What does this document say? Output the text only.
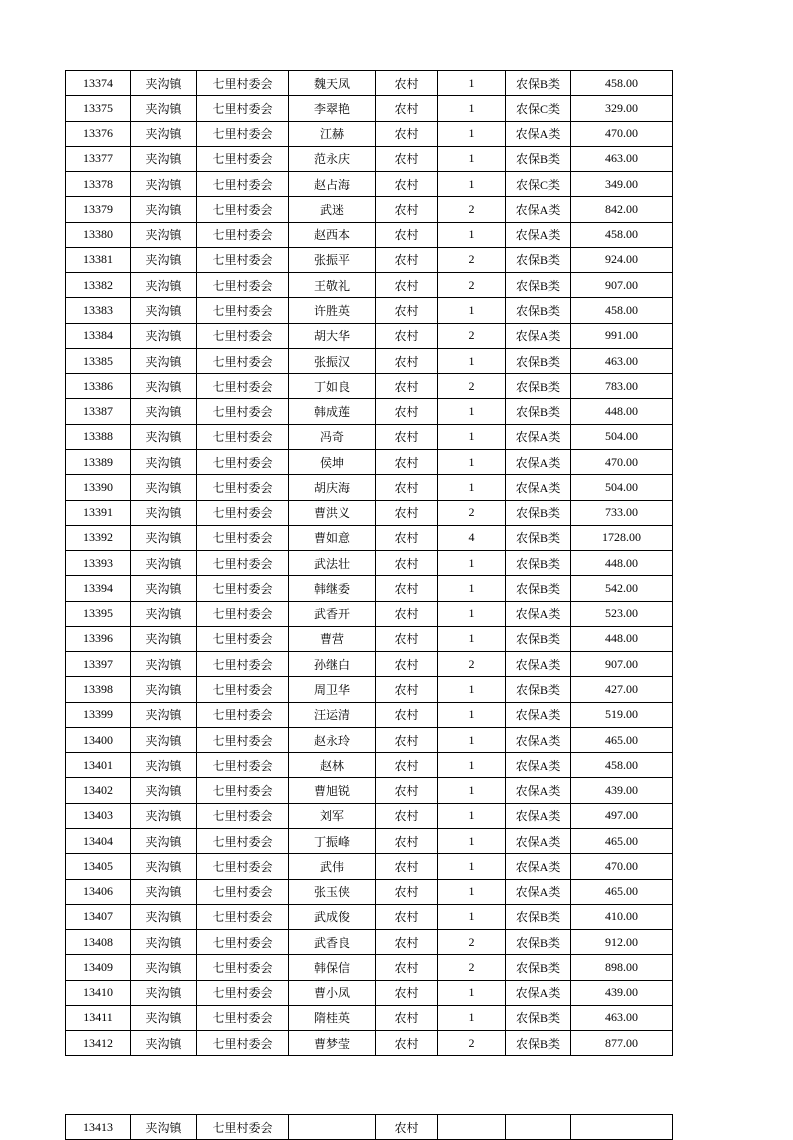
13374	夹沟镇	七里村委会	魏天凤	农村	1	农保B类	458.00
13375	夹沟镇	七里村委会	李翠艳	农村	1	农保C类	329.00
13376	夹沟镇	七里村委会	江赫	农村	1	农保A类	470.00
13377	夹沟镇	七里村委会	范永庆	农村	1	农保B类	463.00
13378	夹沟镇	七里村委会	赵占海	农村	1	农保C类	349.00
13379	夹沟镇	七里村委会	武迷	农村	2	农保A类	842.00
13380	夹沟镇	七里村委会	赵西本	农村	1	农保A类	458.00
13381	夹沟镇	七里村委会	张振平	农村	2	农保B类	924.00
13382	夹沟镇	七里村委会	王敬礼	农村	2	农保B类	907.00
13383	夹沟镇	七里村委会	许胜英	农村	1	农保B类	458.00
13384	夹沟镇	七里村委会	胡大华	农村	2	农保A类	991.00
13385	夹沟镇	七里村委会	张振汉	农村	1	农保B类	463.00
13386	夹沟镇	七里村委会	丁如良	农村	2	农保B类	783.00
13387	夹沟镇	七里村委会	韩成莲	农村	1	农保B类	448.00
13388	夹沟镇	七里村委会	冯奇	农村	1	农保A类	504.00
13389	夹沟镇	七里村委会	侯坤	农村	1	农保A类	470.00
13390	夹沟镇	七里村委会	胡庆海	农村	1	农保A类	504.00
13391	夹沟镇	七里村委会	曹洪义	农村	2	农保B类	733.00
13392	夹沟镇	七里村委会	曹如意	农村	4	农保B类	1728.00
13393	夹沟镇	七里村委会	武法壮	农村	1	农保B类	448.00
13394	夹沟镇	七里村委会	韩继委	农村	1	农保B类	542.00
13395	夹沟镇	七里村委会	武香开	农村	1	农保A类	523.00
13396	夹沟镇	七里村委会	曹营	农村	1	农保B类	448.00
13397	夹沟镇	七里村委会	孙继白	农村	2	农保A类	907.00
13398	夹沟镇	七里村委会	周卫华	农村	1	农保B类	427.00
13399	夹沟镇	七里村委会	汪运清	农村	1	农保A类	519.00
13400	夹沟镇	七里村委会	赵永玲	农村	1	农保A类	465.00
13401	夹沟镇	七里村委会	赵林	农村	1	农保A类	458.00
13402	夹沟镇	七里村委会	曹旭锐	农村	1	农保A类	439.00
13403	夹沟镇	七里村委会	刘军	农村	1	农保A类	497.00
13404	夹沟镇	七里村委会	丁振峰	农村	1	农保A类	465.00
13405	夹沟镇	七里村委会	武伟	农村	1	农保A类	470.00
13406	夹沟镇	七里村委会	张玉侠	农村	1	农保A类	465.00
13407	夹沟镇	七里村委会	武成俊	农村	1	农保B类	410.00
13408	夹沟镇	七里村委会	武香良	农村	2	农保B类	912.00
13409	夹沟镇	七里村委会	韩保信	农村	2	农保B类	898.00
13410	夹沟镇	七里村委会	曹小凤	农村	1	农保A类	439.00
13411	夹沟镇	七里村委会	隋桂英	农村	1	农保B类	463.00
13412	夹沟镇	七里村委会	曹梦莹	农村	2	农保B类	877.00
13413	夹沟镇	七里村委会		农村			
